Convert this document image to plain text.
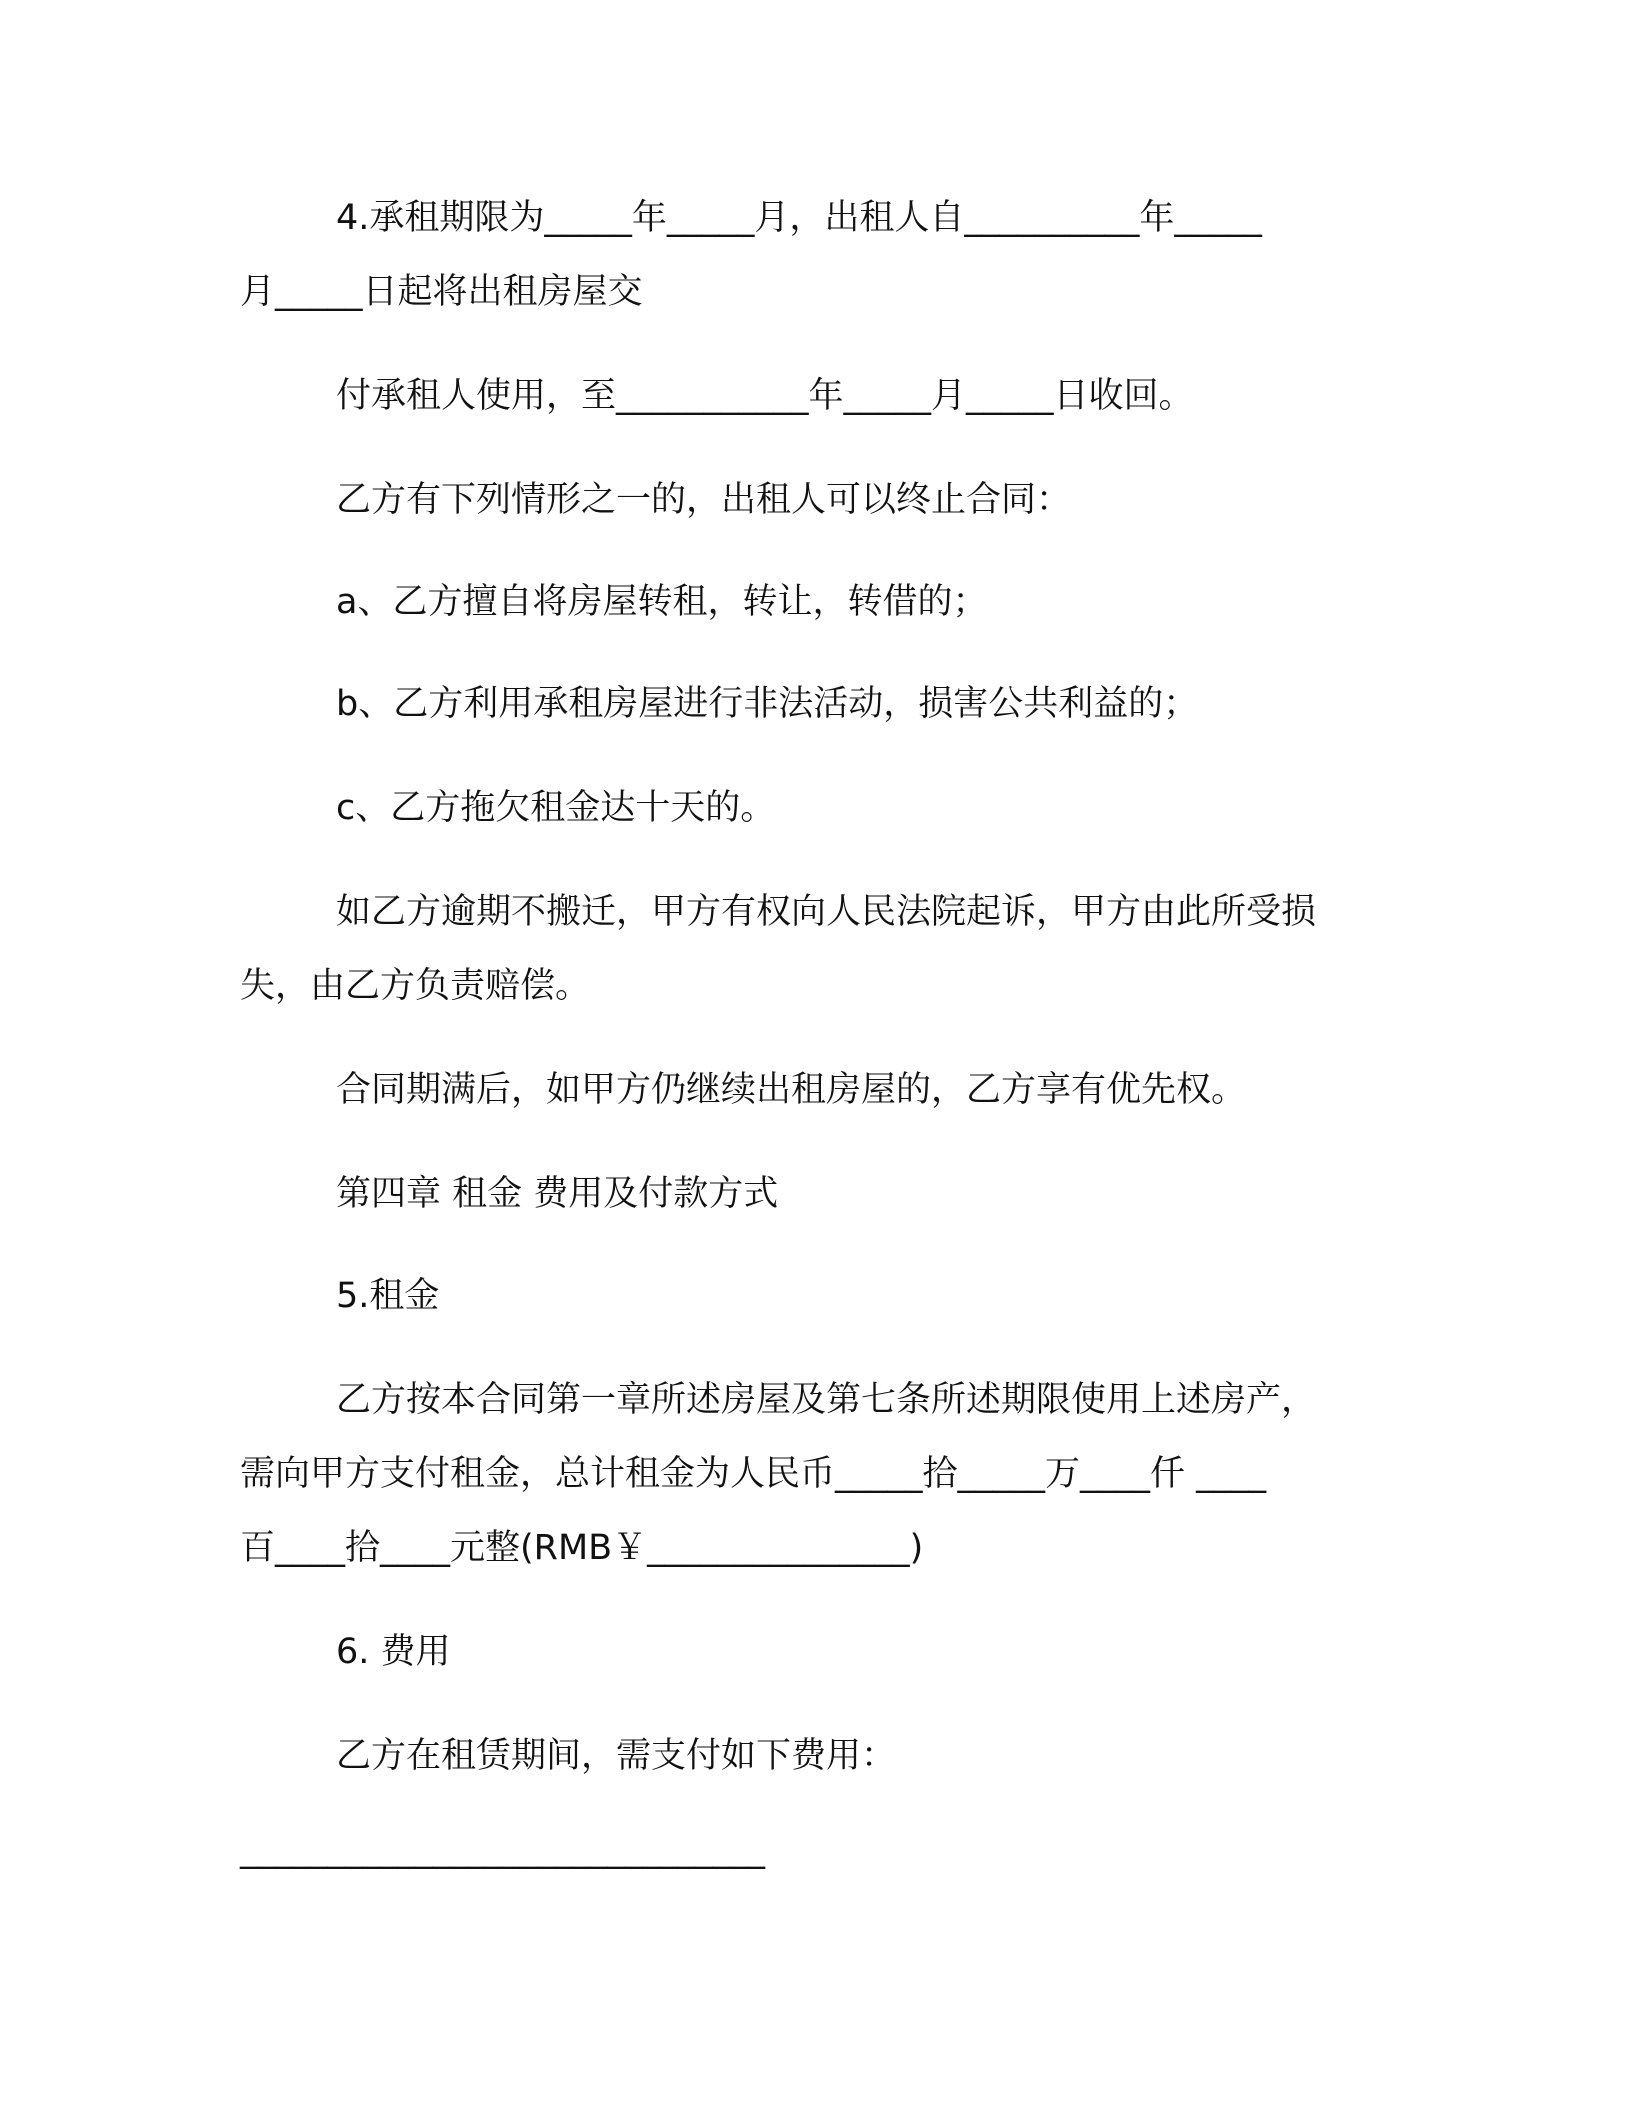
4.承租期限为_____年_____月，出租人自__________年_____
月_____日起将出租房屋交
付承租人使用，至___________年_____月_____日收回。
乙方有下列情形之一的，出租人可以终止合同：
a、乙方擅自将房屋转租，转让，转借的；
b、乙方利用承租房屋进行非法活动，损害公共利益的；
c、乙方拖欠租金达十天的。
如乙方逾期不搬迁，甲方有权向人民法院起诉，甲方由此所受损
失，由乙方负责赔偿。
合同期满后，如甲方仍继续出租房屋的，乙方享有优先权。
第四章 租金 费用及付款方式
5.租金
乙方按本合同第一章所述房屋及第七条所述期限使用上述房产，
需向甲方支付租金，总计租金为人民币_____拾_____万____仟 ____
百____拾____元整(RMB￥_______________)
6. 费用
乙方在租赁期间，需支付如下费用：
______________________________
